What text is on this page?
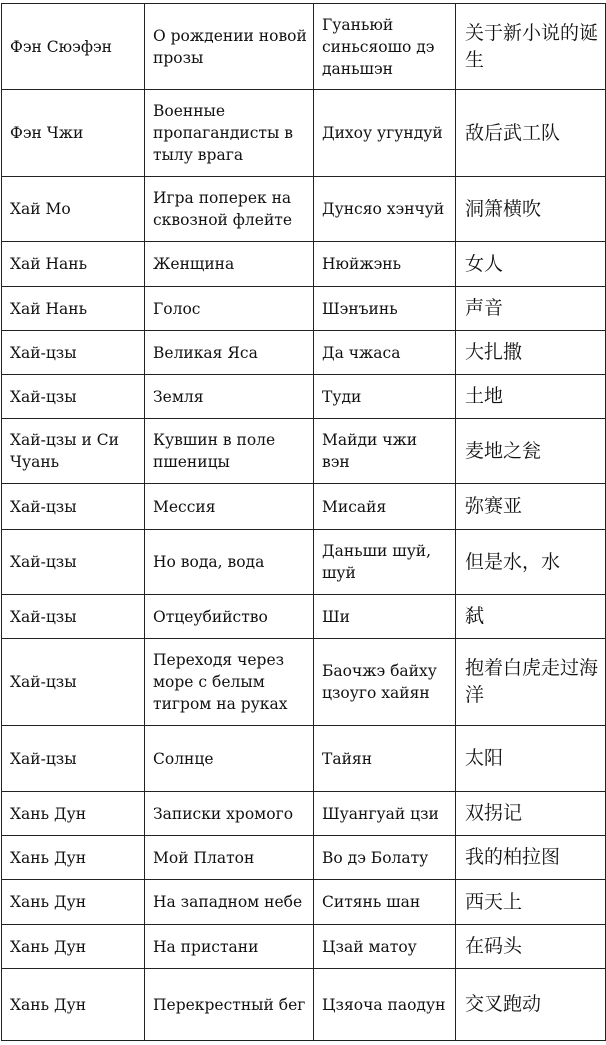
Фэн Сюэфэн	О рождении новой прозы	Гуаньюй синьсяошо дэ даньшэн	关于新小说的诞生
Фэн Чжи	Военные пропагандисты в тылу врага	Дихоу угундуй	敌后武工队
Хай Мо	Игра поперек на сквозной флейте	Дунсяо хэнчуй	洞箫横吹
Хай Нань	Женщина	Нюйжэнь	女人
Хай Нань	Голос	Шэнъинь	声音
Хай-цзы	Великая Яса	Да чжаса	大扎撒
Хай-цзы	Земля	Туди	土地
Хай-цзы и Си Чуань	Кувшин в поле пшеницы	Майди чжи вэн	麦地之瓮
Хай-цзы	Мессия	Мисайя	弥赛亚
Хай-цзы	Но вода, вода	Даньши шуй, шуй	但是水，水
Хай-цзы	Отцеубийство	Ши	弑
Хай-цзы	Переходя через море с белым тигром на руках	Баочжэ байху цзоугo хайян	抱着白虎走过海洋
Хай-цзы	Солнце	Тайян	太阳
Хань Дун	Записки хромого	Шуангуай цзи	双拐记
Хань Дун	Мой Платон	Во дэ Болату	我的柏拉图
Хань Дун	На западном небе	Ситянь шан	西天上
Хань Дун	На пристани	Цзай матоу	在码头
Хань Дун	Перекрестный бег	Цзяоча паодун	交叉跑动
